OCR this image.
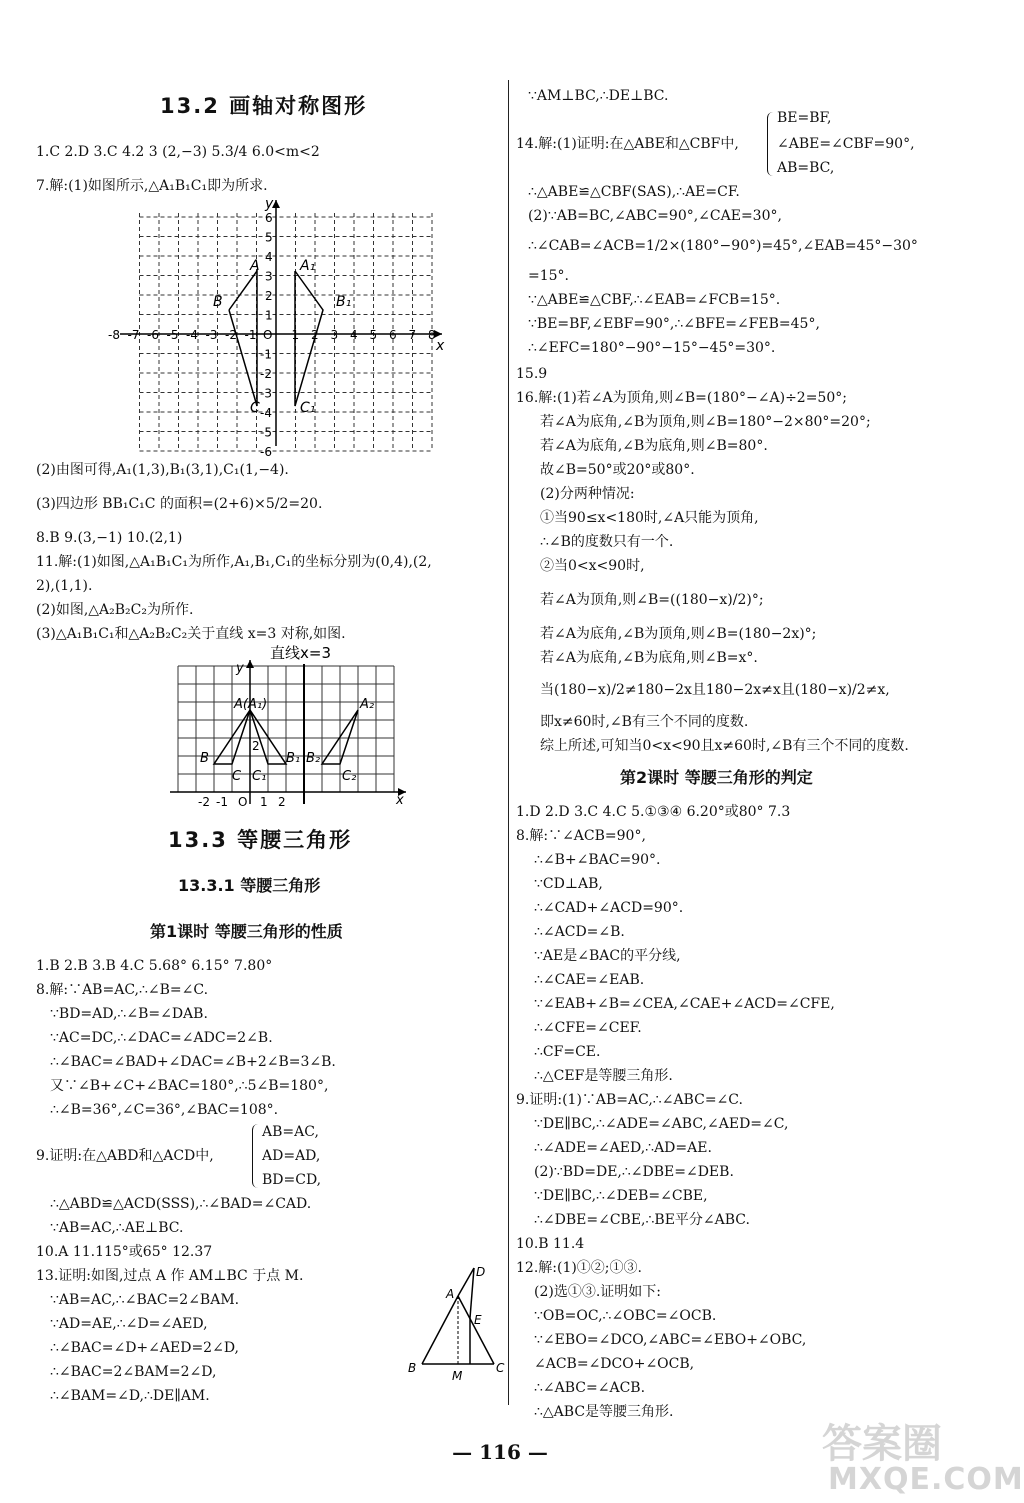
13.2 画轴对称图形
1.C 2.D 3.C 4.2 3 (2,−3) 5.3/4 6.0<m<2
7.解:(1)如图所示,△A₁B₁C₁即为所求.
y
x
-8 -7 -6 -5 -4 -3 -2 -1 O 1 2 3 4 5 6 7 8
6
5
4
3
2
1
-1
-2
-3
-4
-5
-6
A
B
C
A₁
B₁
C₁
(2)由图可得,A₁(1,3),B₁(3,1),C₁(1,−4).
(3)四边形 BB₁C₁C 的面积=(2+6)×5/2=20.
8.B 9.(3,−1) 10.(2,1)
11.解:(1)如图,△A₁B₁C₁为所作,A₁,B₁,C₁的坐标分别为(0,4),(2,
2),(1,1).
(2)如图,△A₂B₂C₂为所作.
(3)△A₁B₁C₁和△A₂B₂C₂关于直线 x=3 对称,如图.
直线x=3
y
x
A(A₁)
B
C C₁
2
B₁ B₂
C₂
A₂
-2 -1 O 1 2
13.3 等腰三角形
13.3.1 等腰三角形
第1课时 等腰三角形的性质
1.B 2.B 3.B 4.C 5.68° 6.15° 7.80°
8.解:∵AB=AC,∴∠B=∠C.
∵BD=AD,∴∠B=∠DAB.
∵AC=DC,∴∠DAC=∠ADC=2∠B.
∴∠BAC=∠BAD+∠DAC=∠B+2∠B=3∠B.
又∵∠B+∠C+∠BAC=180°,∴5∠B=180°,
∴∠B=36°,∠C=36°,∠BAC=108°.
AB=AC,
9.证明:在△ABD和△ACD中,	AD=AD,
BD=CD,
∴△ABD≌△ACD(SSS),∴∠BAD=∠CAD.
∵AB=AC,∴AE⊥BC.
10.A 11.115°或65° 12.37
13.证明:如图,过点 A 作 AM⊥BC 于点 M.
∵AB=AC,∴∠BAC=2∠BAM.
∵AD=AE,∴∠D=∠AED,
∴∠BAC=∠D+∠AED=2∠D,
∴∠BAC=2∠BAM=2∠D,
∴∠BAM=∠D,∴DE∥AM.
A
B	C
D
E
M
∵AM⊥BC,∴DE⊥BC.
BE=BF,
14.解:(1)证明:在△ABE和△CBF中,	∠ABE=∠CBF=90°,
AB=BC,
∴△ABE≌△CBF(SAS),∴AE=CF.
(2)∵AB=BC,∠ABC=90°,∠CAE=30°,
∴∠CAB=∠ACB=1/2×(180°−90°)=45°,∠EAB=45°−30°
=15°.
∵△ABE≌△CBF,∴∠EAB=∠FCB=15°.
∵BE=BF,∠EBF=90°,∴∠BFE=∠FEB=45°,
∴∠EFC=180°−90°−15°−45°=30°.
15.9
16.解:(1)若∠A为顶角,则∠B=(180°−∠A)÷2=50°;
若∠A为底角,∠B为顶角,则∠B=180°−2×80°=20°;
若∠A为底角,∠B为底角,则∠B=80°.
故∠B=50°或20°或80°.
(2)分两种情况:
①当90≤x<180时,∠A只能为顶角,
∴∠B的度数只有一个.
②当0<x<90时,
若∠A为顶角,则∠B=((180−x)/2)°;
若∠A为底角,∠B为顶角,则∠B=(180−2x)°;
若∠A为底角,∠B为底角,则∠B=x°.
当(180−x)/2≠180−2x且180−2x≠x且(180−x)/2≠x,
即x≠60时,∠B有三个不同的度数.
综上所述,可知当0<x<90且x≠60时,∠B有三个不同的度数.
第2课时 等腰三角形的判定
1.D 2.D 3.C 4.C 5.①③④ 6.20°或80° 7.3
8.解:∵∠ACB=90°,
∴∠B+∠BAC=90°.
∵CD⊥AB,
∴∠CAD+∠ACD=90°.
∴∠ACD=∠B.
∵AE是∠BAC的平分线,
∴∠CAE=∠EAB.
∵∠EAB+∠B=∠CEA,∠CAE+∠ACD=∠CFE,
∴∠CFE=∠CEF.
∴CF=CE.
∴△CEF是等腰三角形.
9.证明:(1)∵AB=AC,∴∠ABC=∠C.
∵DE∥BC,∴∠ADE=∠ABC,∠AED=∠C,
∴∠ADE=∠AED,∴AD=AE.
(2)∵BD=DE,∴∠DBE=∠DEB.
∵DE∥BC,∴∠DEB=∠CBE,
∴∠DBE=∠CBE,∴BE平分∠ABC.
10.B 11.4
12.解:(1)①②;①③.
(2)选①③.证明如下:
∵OB=OC,∴∠OBC=∠OCB.
∵∠EBO=∠DCO,∠ABC=∠EBO+∠OBC,
∠ACB=∠DCO+∠OCB,
∴∠ABC=∠ACB.
∴△ABC是等腰三角形.
— 116 —	答案圈
MXQE.COM
